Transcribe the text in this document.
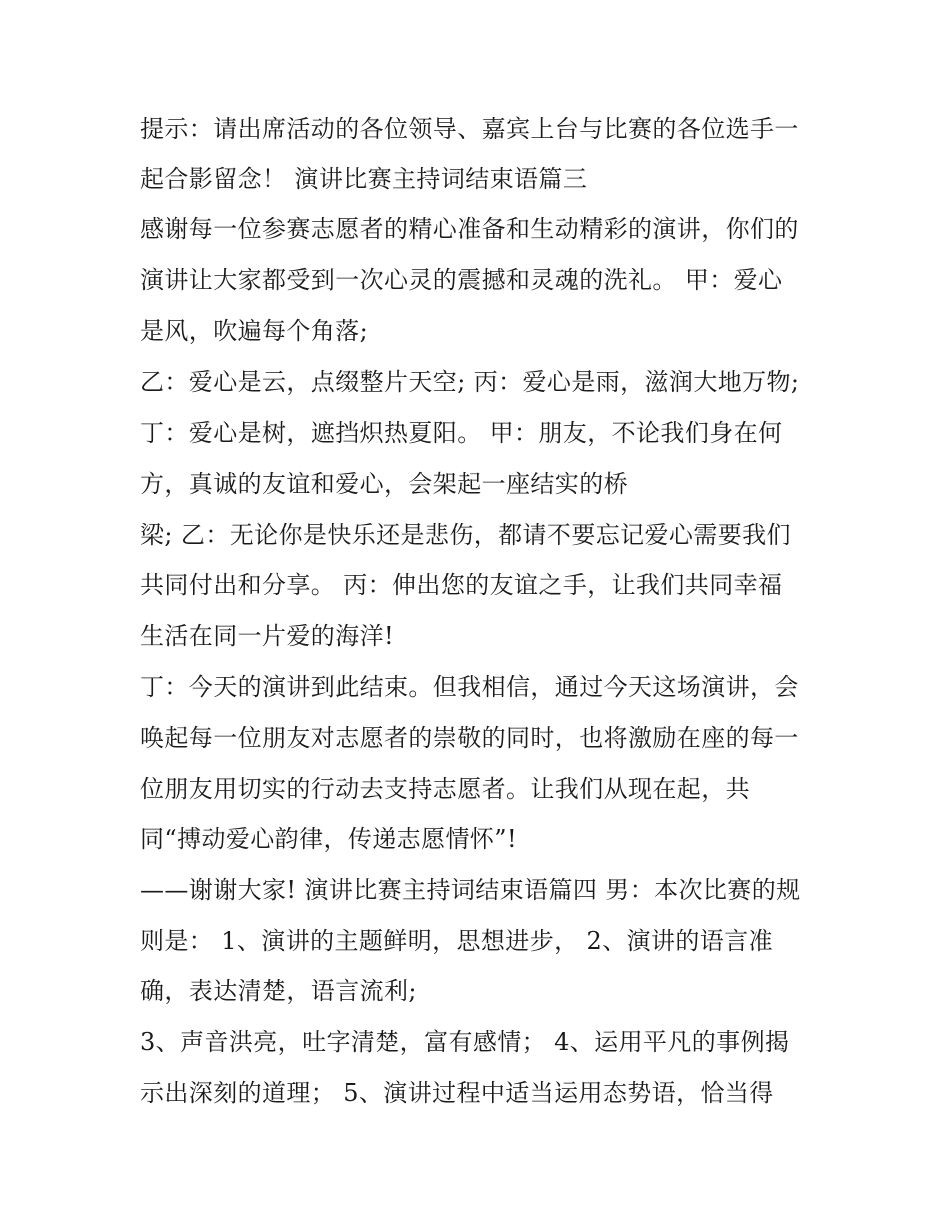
提示：请出席活动的各位领导、嘉宾上台与比赛的各位选手一
起合影留念！ 演讲比赛主持词结束语篇三
感谢每一位参赛志愿者的精心准备和生动精彩的演讲，你们的
演讲让大家都受到一次心灵的震撼和灵魂的洗礼。 甲：爱心
是风，吹遍每个角落;
乙：爱心是云，点缀整片天空; 丙：爱心是雨，滋润大地万物;
丁：爱心是树，遮挡炽热夏阳。 甲：朋友，不论我们身在何
方，真诚的友谊和爱心，会架起一座结实的桥
梁; 乙：无论你是快乐还是悲伤，都请不要忘记爱心需要我们
共同付出和分享。 丙：伸出您的友谊之手，让我们共同幸福
生活在同一片爱的海洋!
丁：今天的演讲到此结束。但我相信，通过今天这场演讲，会
唤起每一位朋友对志愿者的崇敬的同时，也将激励在座的每一
位朋友用切实的行动去支持志愿者。让我们从现在起，共
同“搏动爱心韵律，传递志愿情怀”!
——谢谢大家! 演讲比赛主持词结束语篇四 男：本次比赛的规
则是： 1、演讲的主题鲜明，思想进步， 2、演讲的语言准
确，表达清楚，语言流利;
3、声音洪亮，吐字清楚，富有感情； 4、运用平凡的事例揭
示出深刻的道理； 5、演讲过程中适当运用态势语，恰当得
